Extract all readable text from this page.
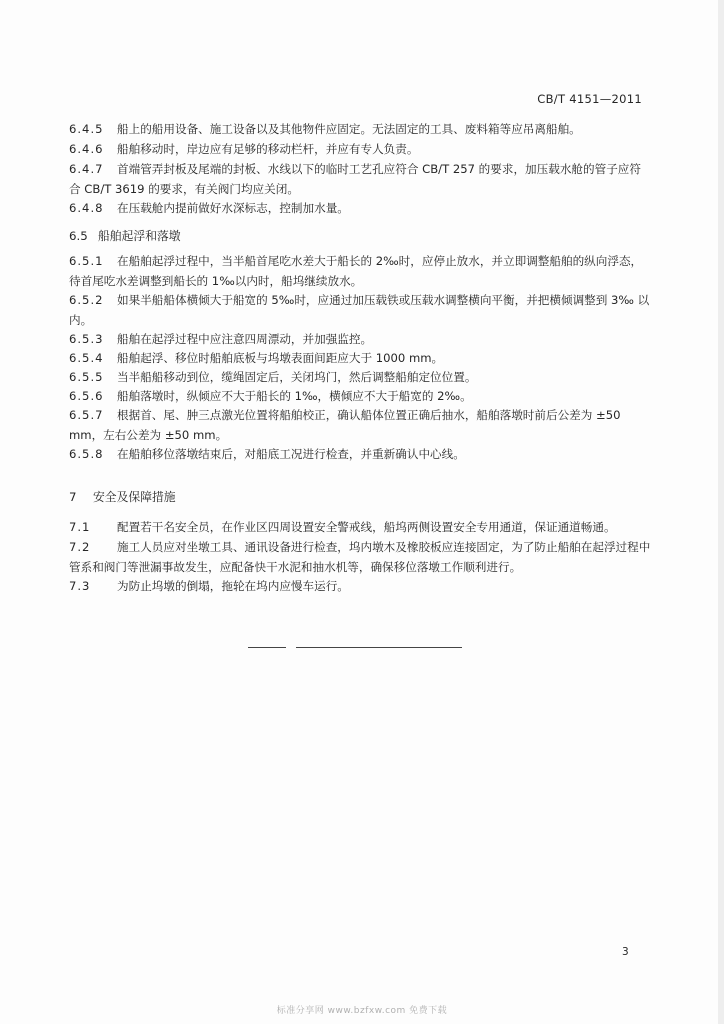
CB/T 4151—2011

6.4.5 船上的船用设备、施工设备以及其他物件应固定。无法固定的工具、废料箱等应吊离船舶。

6.4.6 船舶移动时，岸边应有足够的移动栏杆，并应有专人负责。

6.4.7 首端管弄封板及尾端的封板、水线以下的临时工艺孔应符合 CB/T 257 的要求，加压载水舱的管子应符合 CB/T 3619 的要求，有关阀门均应关闭。

6.4.8 在压载舱内提前做好水深标志，控制加水量。

6.5 船舶起浮和落墩

6.5.1 在船舶起浮过程中，当半船首尾吃水差大于船长的 2‰时，应停止放水，并立即调整船舶的纵向浮态，待首尾吃水差调整到船长的 1‰以内时，船坞继续放水。

6.5.2 如果半船船体横倾大于船宽的 5‰时，应通过加压载铁或压载水调整横向平衡，并把横倾调整到 3‰ 以内。

6.5.3 船舶在起浮过程中应注意四周漂动，并加强监控。

6.5.4 船舶起浮、移位时船舶底板与坞墩表面间距应大于 1000 mm。

6.5.5 当半船船移动到位，缆绳固定后，关闭坞门，然后调整船舶定位位置。

6.5.6 船舶落墩时，纵倾应不大于船长的 1‰，横倾应不大于船宽的 2‰。

6.5.7 根据首、尾、肿三点激光位置将船舶校正，确认船体位置正确后抽水，船舶落墩时前后公差为 ±50 mm，左右公差为 ±50 mm。

6.5.8 在船舶移位落墩结束后，对船底工况进行检查，并重新确认中心线。

7 安全及保障措施

7.1 配置若干名安全员，在作业区四周设置安全警戒线，船坞两侧设置安全专用通道，保证通道畅通。

7.2 施工人员应对坐墩工具、通讯设备进行检查，坞内墩木及橡胶板应连接固定，为了防止船舶在起浮过程中管系和阀门等泄漏事故发生，应配备快干水泥和抽水机等，确保移位落墩工作顺利进行。

7.3 为防止坞墩的倒塌，拖轮在坞内应慢车运行。

3
标准分享网 www.bzfxw.com 免费下载
